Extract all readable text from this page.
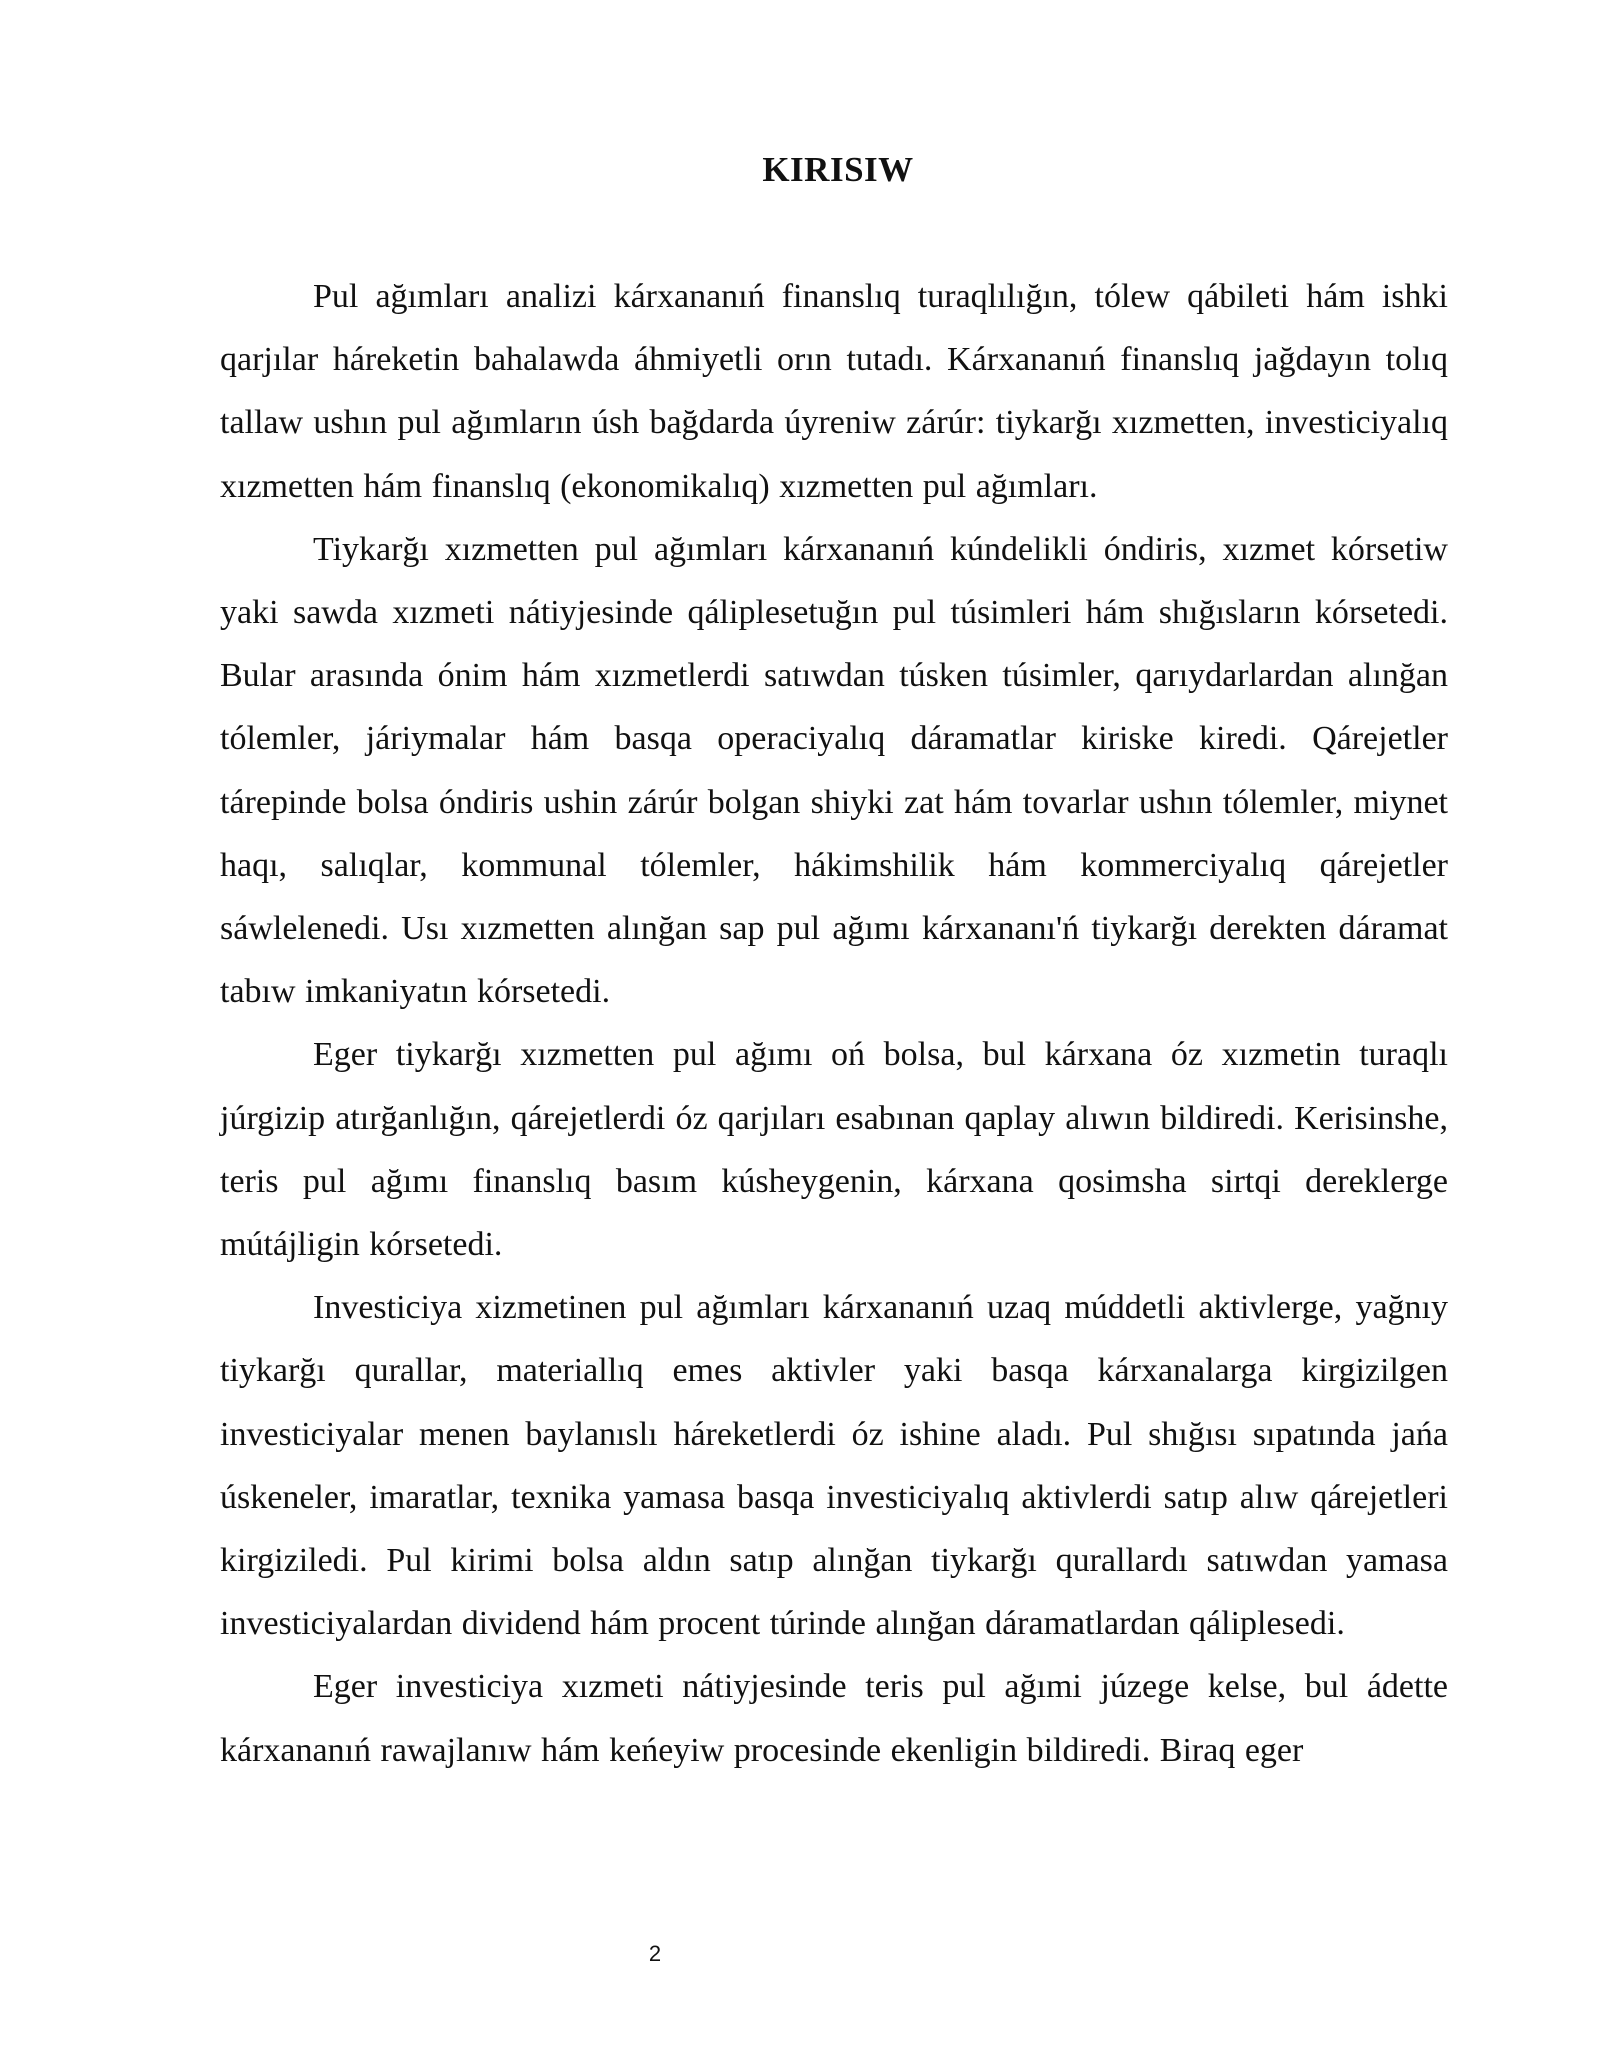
KIRISIW

Pul ağımları analizi kárxananıń finanslıq turaqlılığın, tólew qábileti hám ishki qarjılar háreketin bahalawda áhmiyetli orın tutadı. Kárxananıń finanslıq jağdayın tolıq tallaw ushın pul ağımların úsh bağdarda úyreniw zárúr: tiykarğı xızmetten, investiciyalıq xızmetten hám finanslıq (ekonomikalıq) xızmetten pul ağımları.

Tiykarğı xızmetten pul ağımları kárxananıń kúndelikli óndiris, xızmet kórsetiw yaki sawda xızmeti nátiyjesinde qáliplesetuğın pul túsimleri hám shığısların kórsetedi. Bular arasında ónim hám xızmetlerdi satıwdan túsken túsimler, qarıydarlardan alınğan tólemler, járiymalar hám basqa operaciyalıq dáramatlar kiriske kiredi. Qárejetler tárepinde bolsa óndiris ushin zárúr bolgan shiyki zat hám tovarlar ushın tólemler, miynet haqı, salıqlar, kommunal tólemler, hákimshilik hám kommerciyalıq qárejetler sáwlelenedi. Usı xızmetten alınğan sap pul ağımı kárxananı'ń tiykarğı derekten dáramat tabıw imkaniyatın kórsetedi.

Eger tiykarğı xızmetten pul ağımı oń bolsa, bul kárxana óz xızmetin turaqlı júrgizip atırğanlığın, qárejetlerdi óz qarjıları esabınan qaplay alıwın bildiredi. Kerisinshe, teris pul ağımı finanslıq basım kúsheygenin, kárxana qosimsha sirtqi dereklerge mútájligin kórsetedi.

Investiciya xizmetinen pul ağımları kárxananıń uzaq múddetli aktivlerge, yağnıy tiykarğı qurallar, materiallıq emes aktivler yaki basqa kárxanalarga kirgizilgen investiciyalar menen baylanıslı háreketlerdi óz ishine aladı. Pul shığısı sıpatında jańa úskeneler, imaratlar, texnika yamasa basqa investiciyalıq aktivlerdi satıp alıw qárejetleri kirgiziledi. Pul kirimi bolsa aldın satıp alınğan tiykarğı qurallardı satıwdan yamasa investiciyalardan dividend hám procent túrinde alınğan dáramatlardan qáliplesedi.

Eger investiciya xızmeti nátiyjesinde teris pul ağımi júzege kelse, bul ádette kárxananıń rawajlanıw hám keńeyiw procesinde ekenligin bildiredi. Biraq eger

2
